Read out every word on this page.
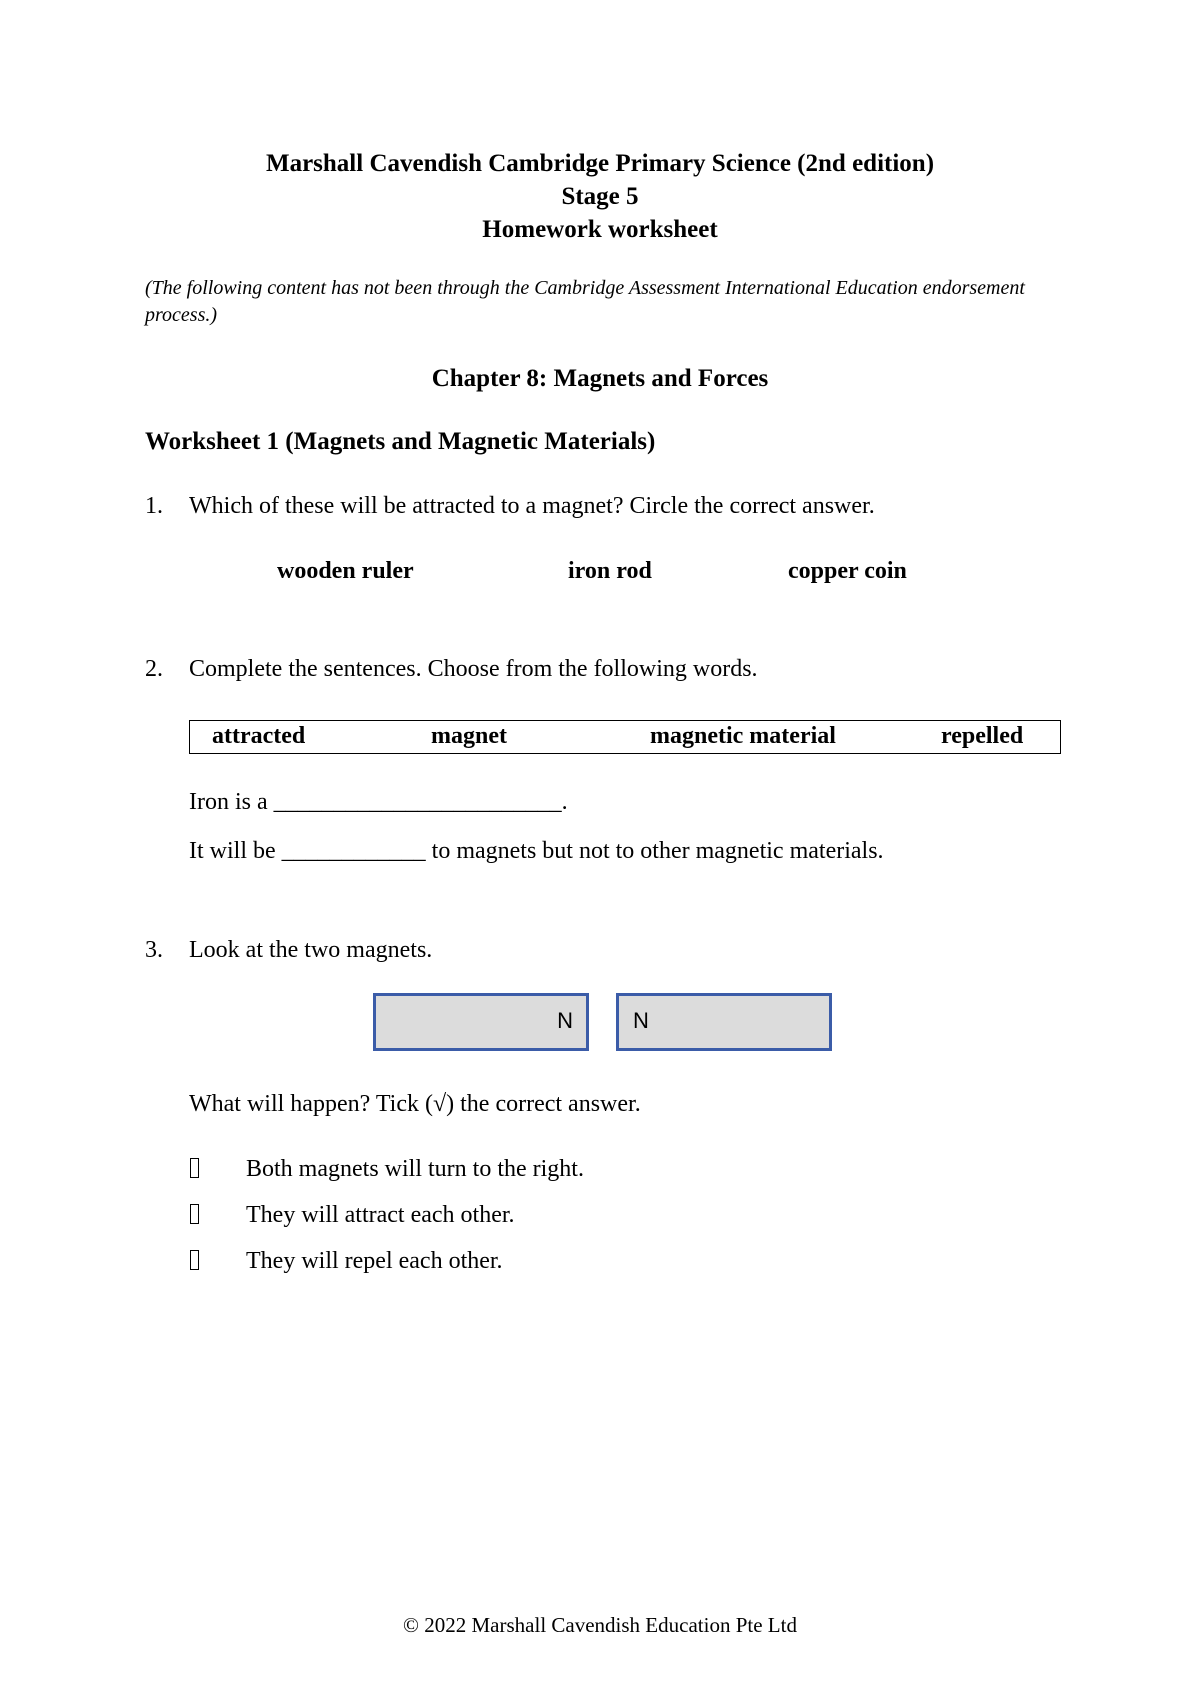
Marshall Cavendish Cambridge Primary Science (2nd edition)
Stage 5
Homework worksheet
(The following content has not been through the Cambridge Assessment International Education endorsement process.)
Chapter 8: Magnets and Forces
Worksheet 1 (Magnets and Magnetic Materials)
1. Which of these will be attracted to a magnet? Circle the correct answer.
wooden ruler	iron rod	copper coin
2. Complete the sentences. Choose from the following words.
attracted	magnet	magnetic material	repelled
Iron is a ________________________.
It will be ____________ to magnets but not to other magnetic materials.
3. Look at the two magnets.
N	N
What will happen? Tick (√) the correct answer.
Both magnets will turn to the right.
They will attract each other.
They will repel each other.
© 2022 Marshall Cavendish Education Pte Ltd
